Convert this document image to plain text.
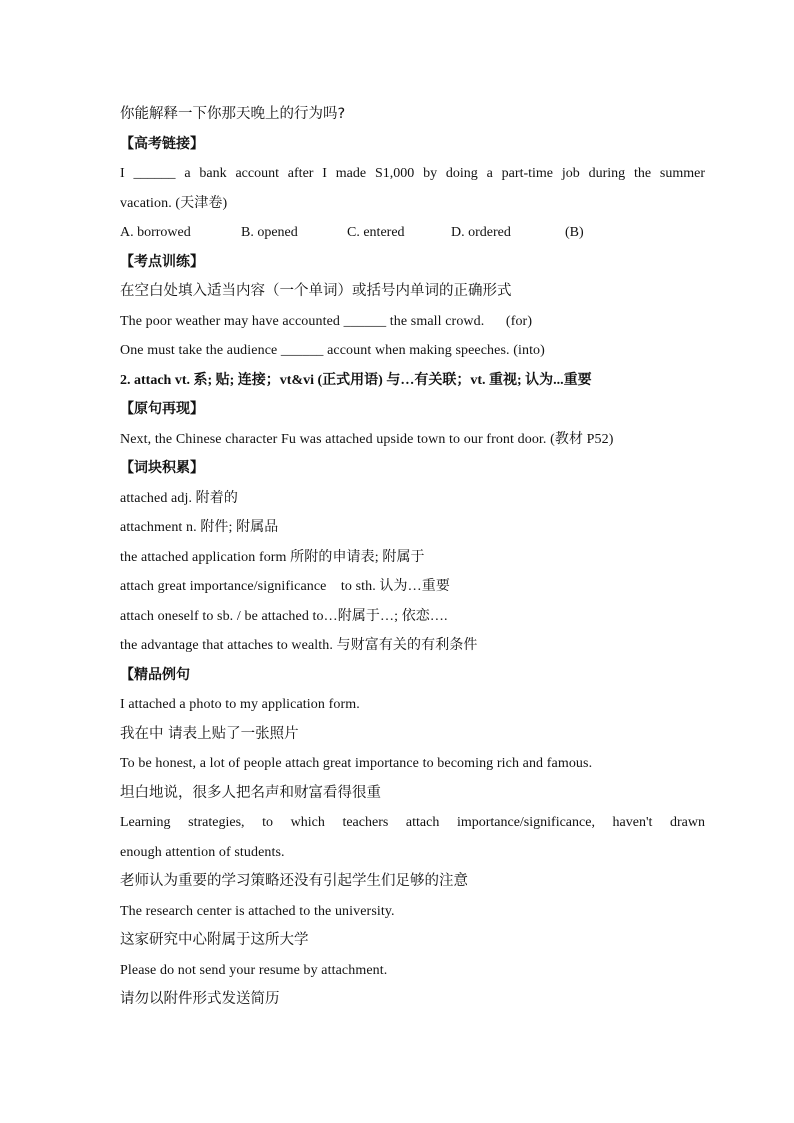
你能解释一下你那天晚上的行为吗?
【高考链接】
I ______ a bank account after I made S1,000 by doing a part-time job during the summer
vacation. (天津卷)
A. borrowed	B. opened	C. entered	D. ordered	(B)
【考点训练】
在空白处填入适当内容（一个单词）或括号内单词的正确形式
The poor weather may have accounted ______ the small crowd.      (for)
One must take the audience ______ account when making speeches. (into)
2. attach vt. 系; 贴; 连接；vt&vi (正式用语) 与…有关联；vt. 重视; 认为...重要
【原句再现】
Next, the Chinese character Fu was attached upside town to our front door. (教材 P52)
【词块积累】
attached adj. 附着的
attachment n. 附件; 附属品
the attached application form 所附的申请表; 附属于
attach great importance/significance    to sth. 认为…重要
attach oneself to sb. / be attached to…附属于…; 依恋….
the advantage that attaches to wealth. 与财富有关的有利条件
【精品例句
I attached a photo to my application form.
我在中 请表上贴了一张照片
To be honest, a lot of people attach great importance to becoming rich and famous.
坦白地说，很多人把名声和财富看得很重
Learning strategies, to which teachers attach importance/significance, haven't drawn
enough attention of students.
老师认为重要的学习策略还没有引起学生们足够的注意
The research center is attached to the university.
这家研究中心附属于这所大学
Please do not send your resume by attachment.
请勿以附件形式发送简历
